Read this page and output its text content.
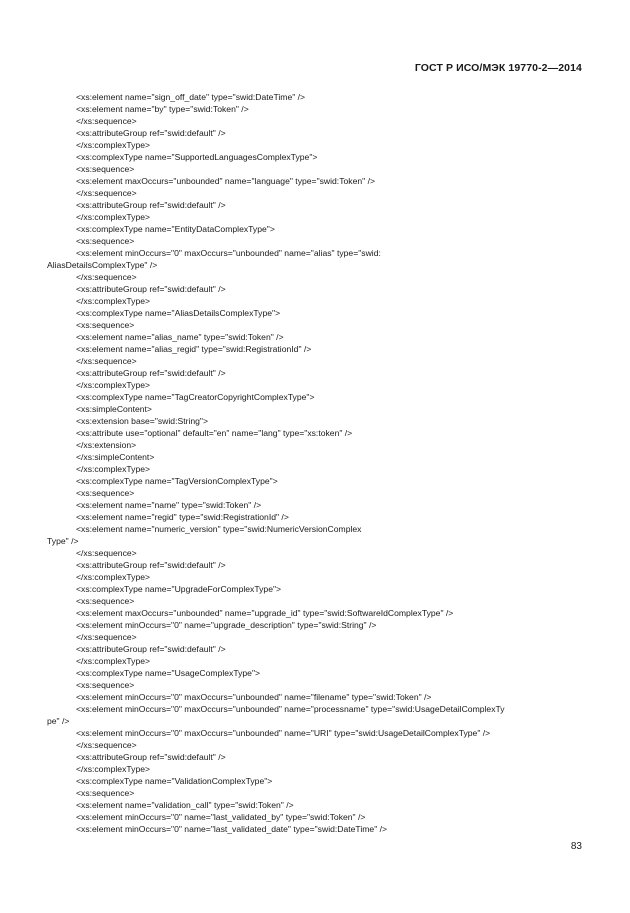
ГОСТ Р ИСО/МЭК 19770-2—2014
<xs:element name="sign_off_date" type="swid:DateTime" />
<xs:element name="by" type="swid:Token" />
</xs:sequence>
<xs:attributeGroup ref="swid:default" />
</xs:complexType>
<xs:complexType name="SupportedLanguagesComplexType">
<xs:sequence>
<xs:element maxOccurs="unbounded" name="language" type="swid:Token" />
</xs:sequence>
<xs:attributeGroup ref="swid:default" />
</xs:complexType>
<xs:complexType name="EntityDataComplexType">
<xs:sequence>
<xs:element minOccurs="0" maxOccurs="unbounded" name="alias" type="swid:
AliasDetailsComplexType" />
</xs:sequence>
<xs:attributeGroup ref="swid:default" />
</xs:complexType>
<xs:complexType name="AliasDetailsComplexType">
<xs:sequence>
<xs:element name="alias_name" type="swid:Token" />
<xs:element name="alias_regid" type="swid:RegistrationId" />
</xs:sequence>
<xs:attributeGroup ref="swid:default" />
</xs:complexType>
<xs:complexType name="TagCreatorCopyrightComplexType">
<xs:simpleContent>
<xs:extension base="swid:String">
<xs:attribute use="optional" default="en" name="lang" type="xs:token" />
</xs:extension>
</xs:simpleContent>
</xs:complexType>
<xs:complexType name="TagVersionComplexType">
<xs:sequence>
<xs:element name="name" type="swid:Token" />
<xs:element name="regid" type="swid:RegistrationId" />
<xs:element name="numeric_version" type="swid:NumericVersionComplex
Type" />
</xs:sequence>
<xs:attributeGroup ref="swid:default" />
</xs:complexType>
<xs:complexType name="UpgradeForComplexType">
<xs:sequence>
<xs:element maxOccurs="unbounded" name="upgrade_id" type="swid:SoftwareIdComplexType" />
<xs:element minOccurs="0" name="upgrade_description" type="swid:String" />
</xs:sequence>
<xs:attributeGroup ref="swid:default" />
</xs:complexType>
<xs:complexType name="UsageComplexType">
<xs:sequence>
<xs:element minOccurs="0" maxOccurs="unbounded" name="filename" type="swid:Token" />
<xs:element minOccurs="0" maxOccurs="unbounded" name="processname" type="swid:UsageDetailComplexTy
pe" />
<xs:element minOccurs="0" maxOccurs="unbounded" name="URI" type="swid:UsageDetailComplexType" />
</xs:sequence>
<xs:attributeGroup ref="swid:default" />
</xs:complexType>
<xs:complexType name="ValidationComplexType">
<xs:sequence>
<xs:element name="validation_call" type="swid:Token" />
<xs:element minOccurs="0" name="last_validated_by" type="swid:Token" />
<xs:element minOccurs="0" name="last_validated_date" type="swid:DateTime" />
83
